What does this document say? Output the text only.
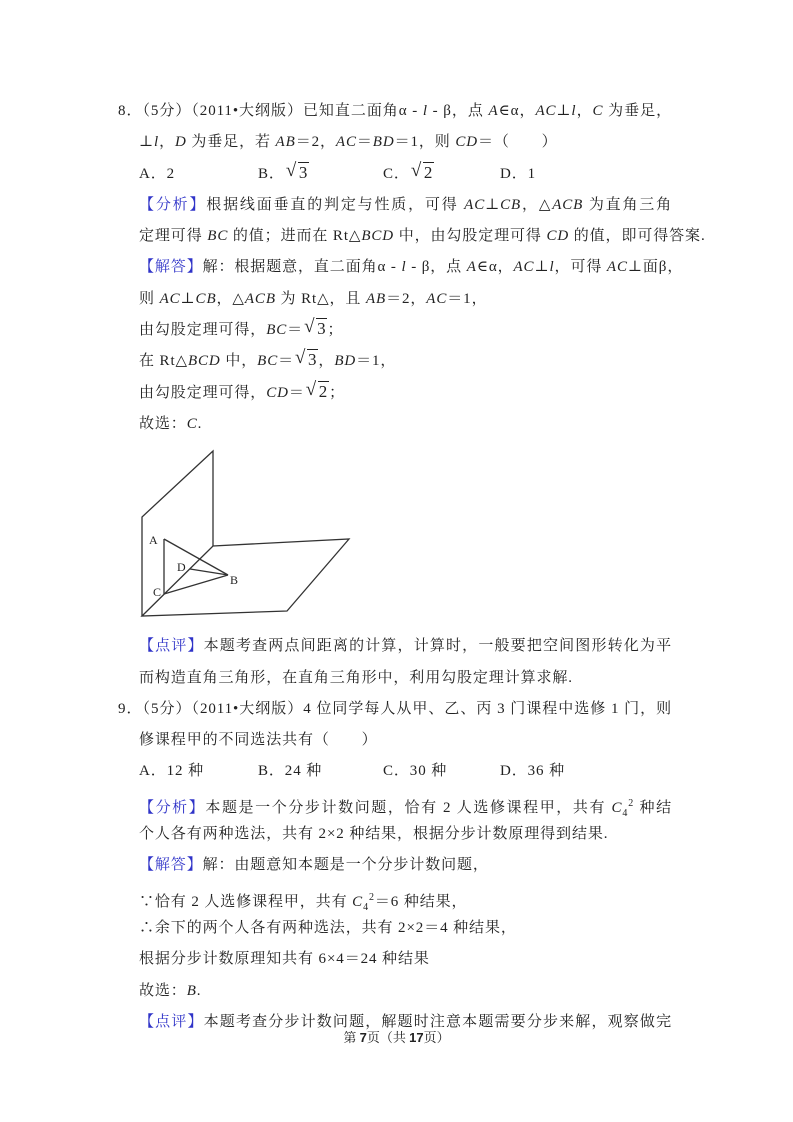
8．（5分）（2011•大纲版）已知直二面角α - l - β，点 A∈α，AC⊥l，C 为垂足，
⊥l，D 为垂足，若 AB＝2，AC＝BD＝1，则 CD＝（　　）
A．2	B． √ 3	C． √ 2	D．1
【分析】根据线面垂直的判定与性质，可得 AC⊥CB，△ACB 为直角三角
定理可得 BC 的值；进而在 Rt△BCD 中，由勾股定理可得 CD 的值，即可得答案.
【解答】解：根据题意，直二面角α - l - β，点 A∈α，AC⊥l，可得 AC⊥面β，
则 AC⊥CB，△ACB 为 Rt△，且 AB＝2，AC＝1，
由勾股定理可得，BC＝ √ 3；
在 Rt△BCD 中，BC＝ √ 3，BD＝1，
由勾股定理可得，CD＝ √ 2；
故选：C.
【点评】本题考查两点间距离的计算，计算时，一般要把空间图形转化为平
而构造直角三角形，在直角三角形中，利用勾股定理计算求解.
9．（5分）（2011•大纲版）4 位同学每人从甲、乙、丙 3 门课程中选修 1 门，则
修课程甲的不同选法共有（　　）
A．12 种	B．24 种	C．30 种	D．36 种
【分析】本题是一个分步计数问题，恰有 2 人选修课程甲，共有 $C_4^2$ 种结
个人各有两种选法，共有 2×2 种结果，根据分步计数原理得到结果.
【解答】解：由题意知本题是一个分步计数问题，
∵恰有 2 人选修课程甲，共有 $C_4^2=6$ 种结果，
∴余下的两个人各有两种选法，共有 2×2＝4 种结果，
根据分步计数原理知共有 6×4＝24 种结果
故选：B.
【点评】本题考查分步计数问题，解题时注意本题需要分步来解，观察做完
A
D
B
C
第 7页（共 17页）
